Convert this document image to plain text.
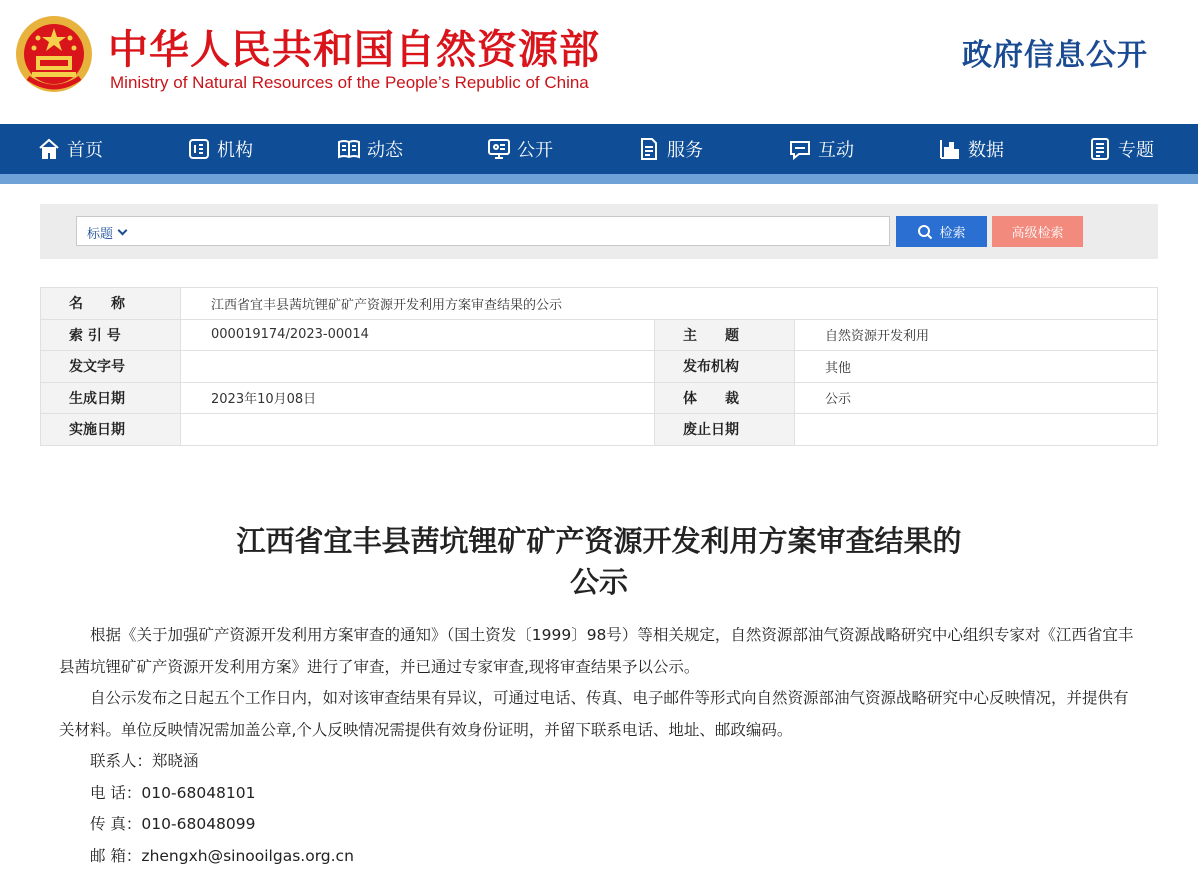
中华人民共和国自然资源部
Ministry of Natural Resources of the People’s Republic of China
政府信息公开
首页	机构	动态	公开	服务	互动	数据	专题
标题	检索	高级检索
名　　称	江西省宜丰县茜坑锂矿矿产资源开发利用方案审查结果的公示		
索 引 号	000019174/2023-00014	主　　题	自然资源开发利用
发文字号		发布机构	其他
生成日期	2023年10月08日	体　　裁	公示
实施日期		废止日期	
江西省宜丰县茜坑锂矿矿产资源开发利用方案审查结果的
公示

根据《关于加强矿产资源开发利用方案审查的通知》（国土资发〔1999〕98号）等相关规定，自然资源部油气资源战略研究中心组织专家对《江西省宜丰县茜坑锂矿矿产资源开发利用方案》进行了审查，并已通过专家审查,现将审查结果予以公示。

自公示发布之日起五个工作日内，如对该审查结果有异议，可通过电话、传真、电子邮件等形式向自然资源部油气资源战略研究中心反映情况，并提供有关材料。单位反映情况需加盖公章,个人反映情况需提供有效身份证明，并留下联系电话、地址、邮政编码。

联系人：郑晓涵
电 话：010-68048101
传 真：010-68048099
邮 箱：zhengxh@sinooilgas.org.cn
